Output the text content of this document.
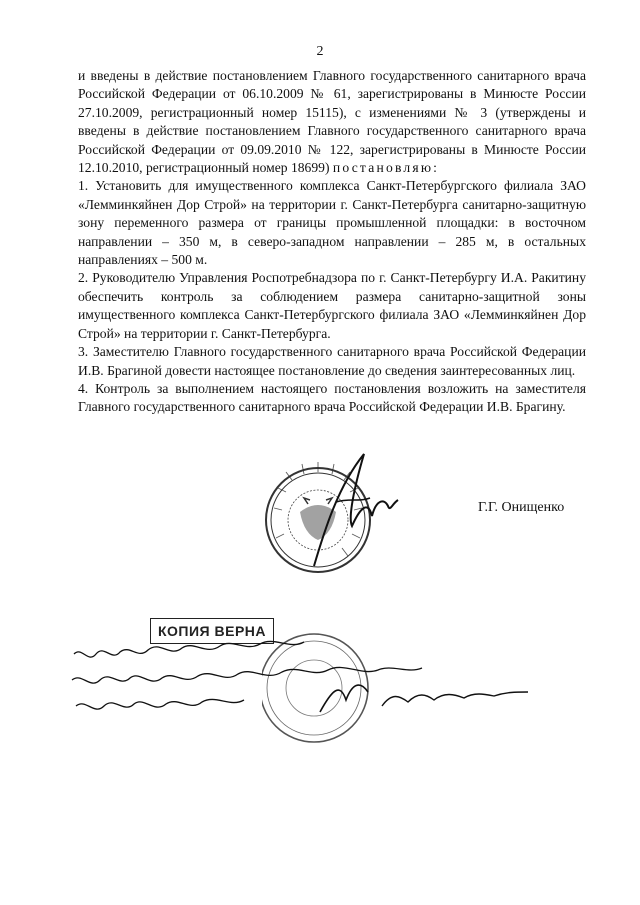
2

и введены в действие постановлением Главного государственного санитарного врача Российской Федерации от 06.10.2009 № 61, зарегистрированы в Минюсте России 27.10.2009, регистрационный номер 15115), с изменениями № 3 (утверждены и введены в действие постановлением Главного государственного санитарного врача Российской Федерации от 09.09.2010 № 122, зарегистрированы в Минюсте России 12.10.2010, регистрационный номер 18699) постановляю:

1. Установить для имущественного комплекса Санкт-Петербургского филиала ЗАО «Лемминкяйнен Дор Строй» на территории г. Санкт-Петербурга санитарно-защитную зону переменного размера от границы промышленной площадки: в восточном направлении – 350 м, в северо-западном направлении – 285 м, в остальных направлениях – 500 м.

2. Руководителю Управления Роспотребнадзора по г. Санкт-Петербургу И.А. Ракитину обеспечить контроль за соблюдением размера санитарно-защитной зоны имущественного комплекса Санкт-Петербургского филиала ЗАО «Лемминкяйнен Дор Строй» на территории г. Санкт-Петербурга.

3. Заместителю Главного государственного санитарного врача Российской Федерации И.В. Брагиной довести настоящее постановление до сведения заинтересованных лиц.

4. Контроль за выполнением настоящего постановления возложить на заместителя Главного государственного санитарного врача Российской Федерации И.В. Брагину.

Г.Г. Онищенко
КОПИЯ ВЕРНА
